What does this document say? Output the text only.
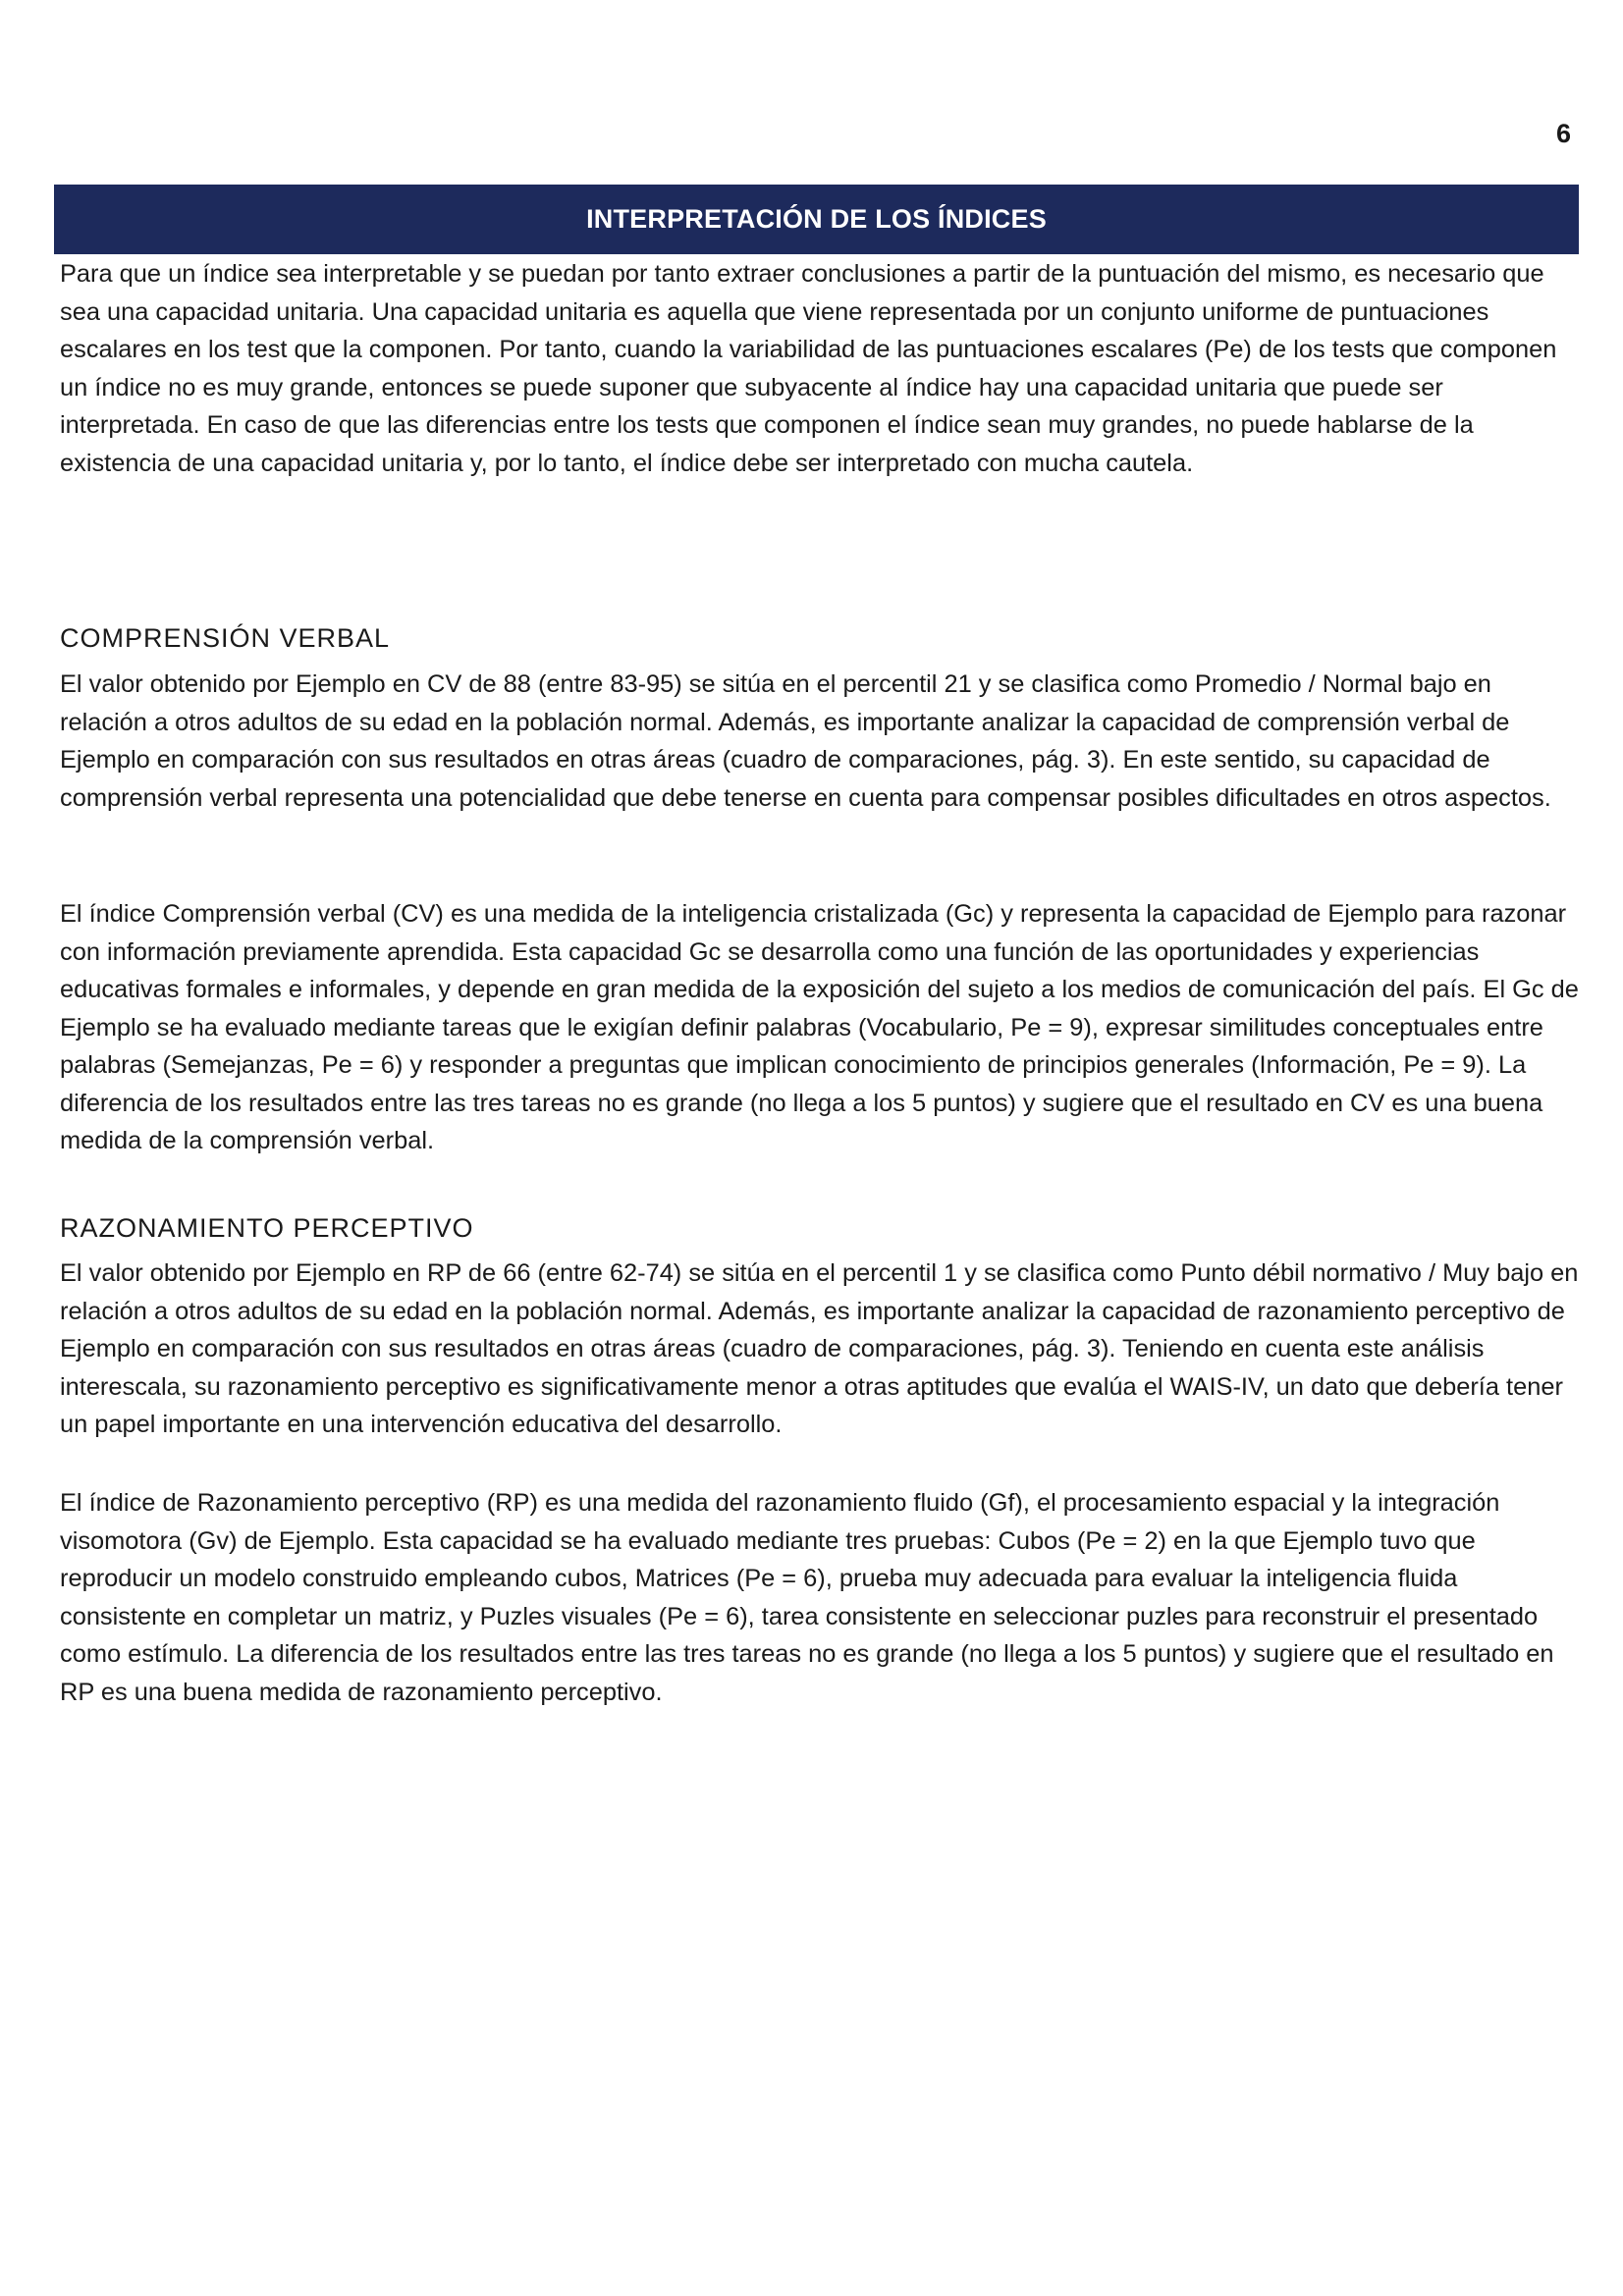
6
INTERPRETACIÓN DE LOS ÍNDICES

Para que un índice sea interpretable y se puedan por tanto extraer conclusiones a partir de la puntuación del mismo, es necesario que sea una capacidad unitaria. Una capacidad unitaria es aquella que viene representada por un conjunto uniforme de puntuaciones escalares en los test que la componen. Por tanto, cuando la variabilidad de las puntuaciones escalares (Pe) de los tests que componen un índice no es muy grande, entonces se puede suponer que subyacente al índice hay una capacidad unitaria que puede ser interpretada. En caso de que las diferencias entre los tests que componen el índice sean muy grandes, no puede hablarse de la existencia de una capacidad unitaria y, por lo tanto, el índice debe ser interpretado con mucha cautela.

COMPRENSIÓN VERBAL

El valor obtenido por Ejemplo en CV de 88 (entre 83-95) se sitúa en el percentil 21 y se clasifica como Promedio / Normal bajo en relación a otros adultos de su edad en la población normal. Además, es importante analizar la capacidad de comprensión verbal de Ejemplo en comparación con sus resultados en otras áreas (cuadro de comparaciones, pág. 3). En este sentido, su capacidad de comprensión verbal representa una potencialidad que debe tenerse en cuenta para compensar posibles dificultades en otros aspectos.

El índice Comprensión verbal (CV) es una medida de la inteligencia cristalizada (Gc) y representa la capacidad de Ejemplo para razonar con información previamente aprendida. Esta capacidad Gc se desarrolla como una función de las oportunidades y experiencias educativas formales e informales, y depende en gran medida de la exposición del sujeto a los medios de comunicación del país. El Gc de Ejemplo se ha evaluado mediante tareas que le exigían definir palabras (Vocabulario, Pe = 9), expresar similitudes conceptuales entre palabras (Semejanzas, Pe = 6) y responder a preguntas que implican conocimiento de principios generales (Información, Pe = 9). La diferencia de los resultados entre las tres tareas no es grande (no llega a los 5 puntos) y sugiere que el resultado en CV es una buena medida de la comprensión verbal.

RAZONAMIENTO PERCEPTIVO

El valor obtenido por Ejemplo en RP de 66 (entre 62-74) se sitúa en el percentil 1 y se clasifica como Punto débil normativo / Muy bajo en relación a otros adultos de su edad en la población normal. Además, es importante analizar la capacidad de razonamiento perceptivo de Ejemplo en comparación con sus resultados en otras áreas (cuadro de comparaciones, pág. 3). Teniendo en cuenta este análisis interescala, su razonamiento perceptivo es significativamente menor a otras aptitudes que evalúa el WAIS-IV, un dato que debería tener un papel importante en una intervención educativa del desarrollo.

El índice de Razonamiento perceptivo (RP) es una medida del razonamiento fluido (Gf), el procesamiento espacial y la integración visomotora (Gv) de Ejemplo. Esta capacidad se ha evaluado mediante tres pruebas: Cubos (Pe = 2) en la que Ejemplo tuvo que reproducir un modelo construido empleando cubos, Matrices (Pe = 6), prueba muy adecuada para evaluar la inteligencia fluida consistente en completar un matriz, y Puzles visuales (Pe = 6), tarea consistente en seleccionar puzles para reconstruir el presentado como estímulo. La diferencia de los resultados entre las tres tareas no es grande (no llega a los 5 puntos) y sugiere que el resultado en RP es una buena medida de razonamiento perceptivo.
